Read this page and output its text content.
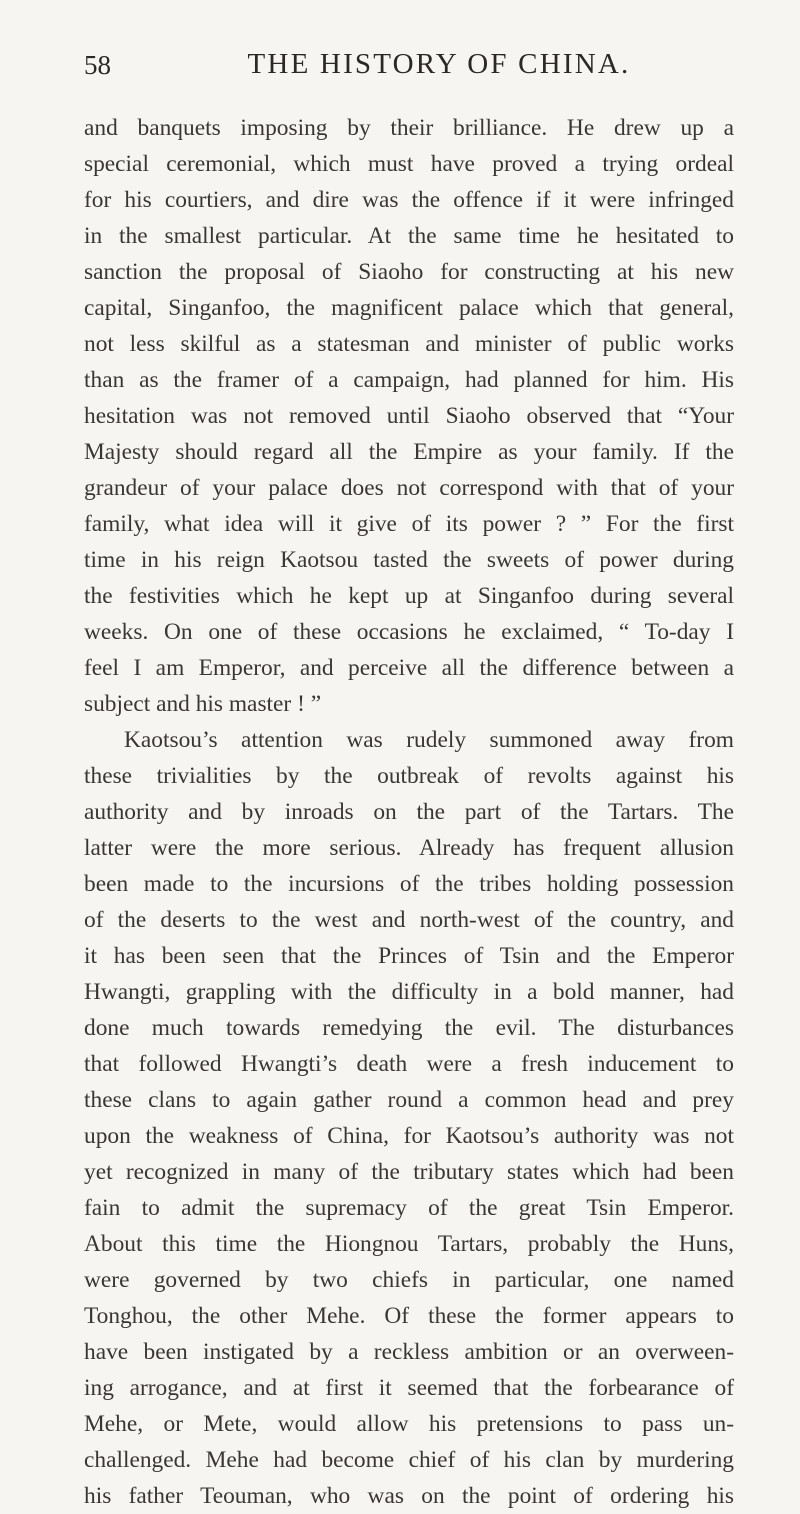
58	THE HISTORY OF CHINA.
and banquets imposing by their brilliance. He drew up a
special ceremonial, which must have proved a trying ordeal
for his courtiers, and dire was the offence if it were infringed
in the smallest particular. At the same time he hesitated to
sanction the proposal of Siaoho for constructing at his new
capital, Singanfoo, the magnificent palace which that general,
not less skilful as a statesman and minister of public works
than as the framer of a campaign, had planned for him. His
hesitation was not removed until Siaoho observed that “Your
Majesty should regard all the Empire as your family. If the
grandeur of your palace does not correspond with that of your
family, what idea will it give of its power ? ” For the first
time in his reign Kaotsou tasted the sweets of power during
the festivities which he kept up at Singanfoo during several
weeks. On one of these occasions he exclaimed, “ To-day I
feel I am Emperor, and perceive all the difference between a
subject and his master ! ”
Kaotsou’s attention was rudely summoned away from
these trivialities by the outbreak of revolts against his
authority and by inroads on the part of the Tartars. The
latter were the more serious. Already has frequent allusion
been made to the incursions of the tribes holding possession
of the deserts to the west and north-west of the country, and
it has been seen that the Princes of Tsin and the Emperor
Hwangti, grappling with the difficulty in a bold manner, had
done much towards remedying the evil. The disturbances
that followed Hwangti’s death were a fresh inducement to
these clans to again gather round a common head and prey
upon the weakness of China, for Kaotsou’s authority was not
yet recognized in many of the tributary states which had been
fain to admit the supremacy of the great Tsin Emperor.
About this time the Hiongnou Tartars, probably the Huns,
were governed by two chiefs in particular, one named
Tonghou, the other Mehe. Of these the former appears to
have been instigated by a reckless ambition or an overween-
ing arrogance, and at first it seemed that the forbearance of
Mehe, or Mete, would allow his pretensions to pass un-
challenged. Mehe had become chief of his clan by murdering
his father Teouman, who was on the point of ordering his
